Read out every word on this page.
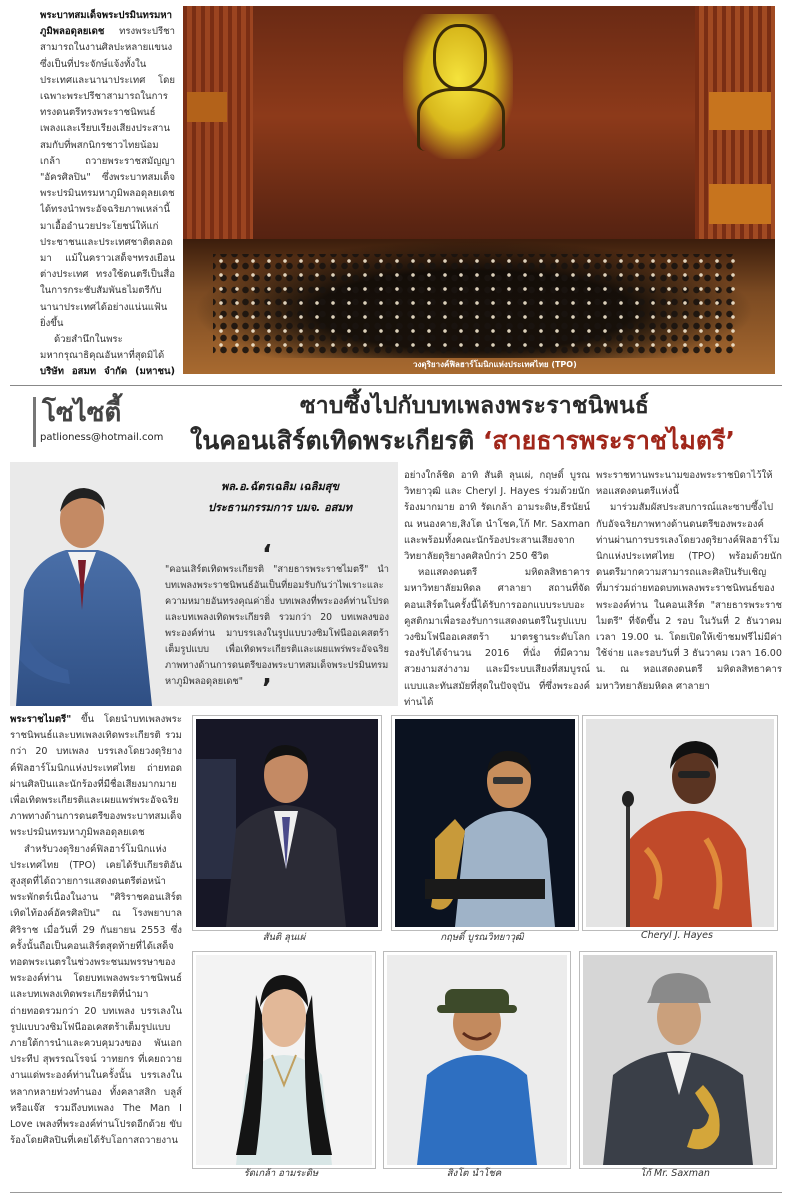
พระบาทสมเด็จพระปรมินทรมหาภูมิพลอดุลยเดช ทรงพระปรีชาสามารถในงานศิลปะหลายแขนง ซึ่งเป็นที่ประจักษ์แจ้งทั้งในประเทศและนานาประเทศ โดยเฉพาะพระปรีชาสามารถในการทรงดนตรีทรงพระราชนิพนธ์เพลงและเรียบเรียงเสียงประสาน สมกับที่พสกนิกรชาวไทยน้อมเกล้า ถวายพระราชสมัญญา "อัครศิลปิน" ซึ่งพระบาทสมเด็จพระปรมินทรมหาภูมิพลอดุลยเดช ได้ทรงนำพระอัจฉริยภาพเหล่านี้มาเอื้ออำนวยประโยชน์ให้แก่ประชาชนและประเทศชาติตลอดมา แม้ในคราวเสด็จฯทรงเยือนต่างประเทศ ทรงใช้ดนตรีเป็นสื่อในการกระชับสัมพันธไมตรีกับนานาประเทศได้อย่างแน่นแฟ้นยิ่งขึ้น

ด้วยสำนึกในพระมหากรุณาธิคุณอันหาที่สุดมิได้ บริษัท อสมท จำกัด (มหาชน)

วงดุริยางค์ฟิลฮาร์โมนิกแห่งประเทศไทย (TPO)
โซไซตี้
patlioness@hotmail.com
ซาบซึ้งไปกับบทเพลงพระราชนิพนธ์
ในคอนเสิร์ตเทิดพระเกียรติ ‘สายธารพระราชไมตรี’
พล.อ.ฉัตรเฉลิม เฉลิมสุข
ประธานกรรมการ บมจ. อสมท
‘
"คอนเสิร์ตเทิดพระเกียรติ "สายธารพระราชไมตรี" นำบทเพลงพระราชนิพนธ์อันเป็นที่ยอมรับกันว่าไพเราะและความหมายอันทรงคุณค่ายิ่ง บทเพลงที่พระองค์ท่านโปรด และบทเพลงเทิดพระเกียรติ รวมกว่า 20 บทเพลงของพระองค์ท่าน มาบรรเลงในรูปแบบวงซิมโฟนีออเคสตร้าเต็มรูปแบบ เพื่อเทิดพระเกียรติและเผยแพร่พระอัจฉริยภาพทางด้านการดนตรีของพระบาทสมเด็จพระปรมินทรมหาภูมิพลอดุลยเดช" ’

อย่างใกล้ชิด อาทิ สันติ ลุนเผ่, กฤษดิ์ บูรณวิทยาวุฒิ และ Cheryl J. Hayes ร่วมด้วยนักร้องมากมาย อาทิ รัดเกล้า อามระดิษ,ธีรนัยน์ ณ หนองคาย,สิงโต นำโชค,โก้ Mr. Saxman และพร้อมทั้งคณะนักร้องประสานเสียงจากวิทยาลัยดุริยางคศิลป์กว่า 250 ชีวิต

หอแสดงดนตรี มหิดลสิทธาคาร มหาวิทยาลัยมหิดล ศาลายา สถานที่จัดคอนเสิร์ตในครั้งนี้ได้รับการออกแบบระบบอะคูสติกมาเพื่อรองรับการแสดงดนตรีในรูปแบบวงซิมโฟนีออเคสตร้า มาตรฐานระดับโลก รองรับได้จำนวน 2016 ที่นั่ง ที่มีความสวยงามสง่างาม และมีระบบเสียงที่สมบูรณ์แบบและทันสมัยที่สุดในปัจจุบัน ที่ซึ่งพระองค์ท่านได้

พระราชทานพระนามของพระราชบิดาไว้ให้หอแสดงดนตรีแห่งนี้

มาร่วมสัมผัสประสบการณ์และซาบซึ้งไปกับอัจฉริยภาพทางด้านดนตรีของพระองค์ท่านผ่านการบรรเลงโดยวงดุริยางค์ฟิลฮาร์โมนิกแห่งประเทศไทย (TPO) พร้อมด้วยนักดนตรีมากความสามารถและศิลปินรับเชิญที่มาร่วมถ่ายทอดบทเพลงพระราชนิพนธ์ของพระองค์ท่าน ในคอนเสิร์ต "สายธารพระราชไมตรี" ที่จัดขึ้น 2 รอบ ในวันที่ 2 ธันวาคม เวลา 19.00 น. โดยเปิดให้เข้าชมฟรีไม่มีค่าใช้จ่าย และรอบวันที่ 3 ธันวาคม เวลา 16.00 น. ณ หอแสดงดนตรี มหิดลสิทธาคาร มหาวิทยาลัยมหิดล ศาลายา

พระราชไมตรี" ขึ้น โดยนำบทเพลงพระราชนิพนธ์และบทเพลงเทิดพระเกียรติ รวมกว่า 20 บทเพลง บรรเลงโดยวงดุริยางค์ฟิลฮาร์โมนิกแห่งประเทศไทย ถ่ายทอดผ่านศิลปินและนักร้องที่มีชื่อเสียงมากมาย เพื่อเทิดพระเกียรติและเผยแพร่พระอัจฉริยภาพทางด้านการดนตรีของพระบาทสมเด็จพระปรมินทรมหาภูมิพลอดุลยเดช

สำหรับวงดุริยางค์ฟิลฮาร์โมนิกแห่งประเทศไทย (TPO) เคยได้รับเกียรติอันสูงสุดที่ได้ถวายการแสดงดนตรีต่อหน้าพระพักตร์เนื่องในงาน "ศิริราชคอนเสิร์ตเทิดไท้องค์อัครศิลปิน" ณ โรงพยาบาลศิริราช เมื่อวันที่ 29 กันยายน 2553 ซึ่งครั้งนั้นถือเป็นคอนเสิร์ตสุดท้ายที่ได้เสด็จทอดพระเนตรในช่วงพระชนมพรรษาของพระองค์ท่าน โดยบทเพลงพระราชนิพนธ์และบทเพลงเทิดพระเกียรติที่นำมาถ่ายทอดรวมกว่า 20 บทเพลง บรรเลงในรูปแบบวงซิมโฟนีออเคสตร้าเต็มรูปแบบ ภายใต้การนำและควบคุมวงของ พันเอกประทีป สุพรรณโรจน์ วาทยกร ที่เคยถวายงานแด่พระองค์ท่านในครั้งนั้น บรรเลงในหลากหลายท่วงทำนอง ทั้งคลาสสิก บลูส์ หรือแจ๊ส รวมถึงบทเพลง The Man I Love เพลงที่พระองค์ท่านโปรดอีกด้วย ขับร้องโดยศิลปินที่เคยได้รับโอกาสถวายงาน

สันติ ลุนเผ่	กฤษดิ์ บูรณวิทยาวุฒิ	Cheryl J. Hayes
รัดเกล้า อามระดิษ	สิงโต นำโชค	โก้ Mr. Saxman
